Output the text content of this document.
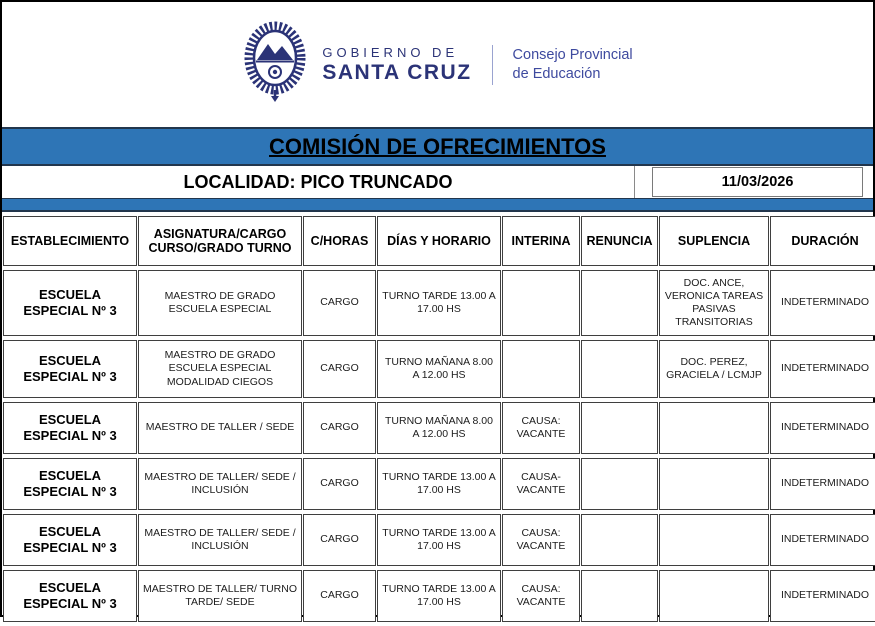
GOBIERNO DE
SANTA CRUZ
Consejo Provincial
de Educación
COMISIÓN DE OFRECIMIENTOS
LOCALIDAD: PICO TRUNCADO	11/03/2026
ESTABLECIMIENTO	ASIGNATURA/CARGO CURSO/GRADO TURNO	C/HORAS	DÍAS Y HORARIO	INTERINA	RENUNCIA	SUPLENCIA	DURACIÓN
ESCUELA ESPECIAL Nº 3	MAESTRO DE GRADO ESCUELA ESPECIAL	CARGO	TURNO TARDE 13.00 A 17.00 HS			DOC. ANCE, VERONICA TAREAS PASIVAS TRANSITORIAS	INDETERMINADO
ESCUELA ESPECIAL Nº 3	MAESTRO DE GRADO ESCUELA ESPECIAL MODALIDAD CIEGOS	CARGO	TURNO MAÑANA 8.00 A 12.00 HS			DOC. PEREZ, GRACIELA / LCMJP	INDETERMINADO
ESCUELA ESPECIAL Nº 3	MAESTRO DE TALLER / SEDE	CARGO	TURNO MAÑANA 8.00 A 12.00 HS	CAUSA: VACANTE			INDETERMINADO
ESCUELA ESPECIAL Nº 3	MAESTRO DE TALLER/ SEDE / INCLUSIÓN	CARGO	TURNO TARDE 13.00 A 17.00 HS	CAUSA- VACANTE			INDETERMINADO
ESCUELA ESPECIAL Nº 3	MAESTRO DE TALLER/ SEDE / INCLUSIÓN	CARGO	TURNO TARDE 13.00 A 17.00 HS	CAUSA: VACANTE			INDETERMINADO
ESCUELA ESPECIAL Nº 3	MAESTRO DE TALLER/ TURNO TARDE/ SEDE	CARGO	TURNO TARDE 13.00 A 17.00 HS	CAUSA: VACANTE			INDETERMINADO
